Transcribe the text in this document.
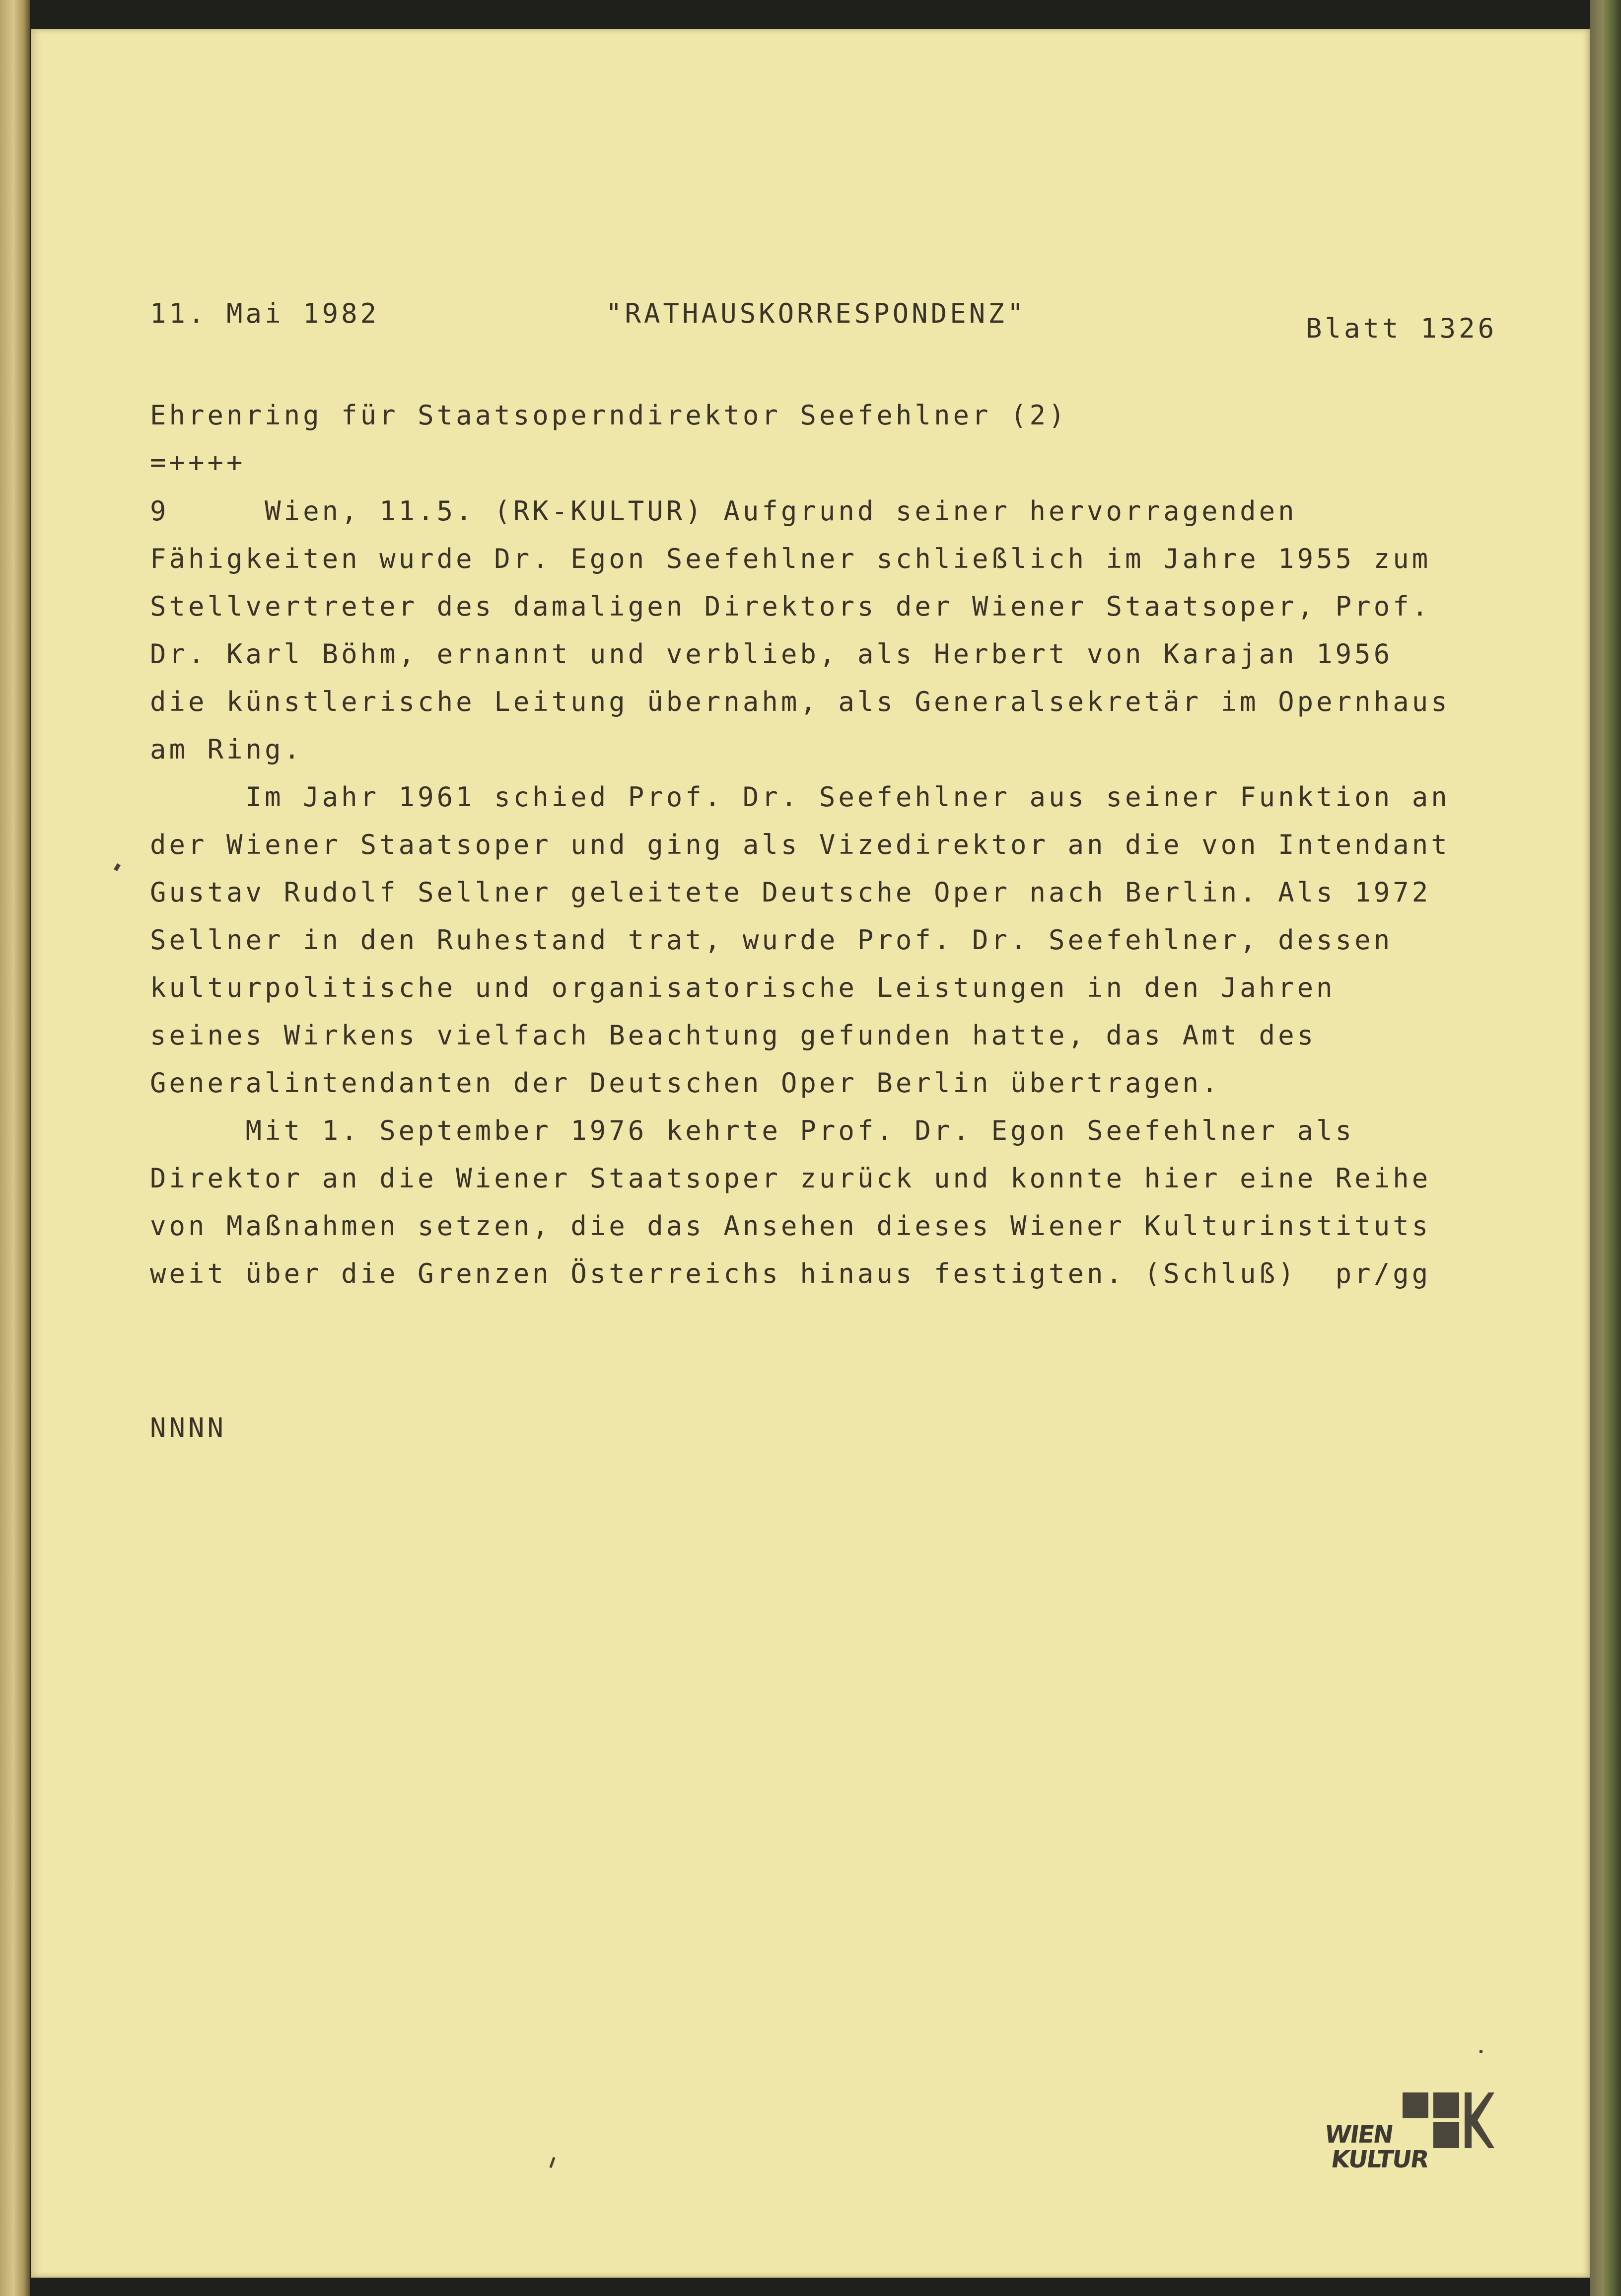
11. Mai 1982	"RATHAUSKORRESPONDENZ"	Blatt 1326
Ehrenring für Staatsoperndirektor Seefehlner (2)
=++++
9     Wien, 11.5. (RK-KULTUR) Aufgrund seiner hervorragenden
Fähigkeiten wurde Dr. Egon Seefehlner schließlich im Jahre 1955 zum
Stellvertreter des damaligen Direktors der Wiener Staatsoper, Prof.
Dr. Karl Böhm, ernannt und verblieb, als Herbert von Karajan 1956
die künstlerische Leitung übernahm, als Generalsekretär im Opernhaus
am Ring.
Im Jahr 1961 schied Prof. Dr. Seefehlner aus seiner Funktion an
der Wiener Staatsoper und ging als Vizedirektor an die von Intendant
Gustav Rudolf Sellner geleitete Deutsche Oper nach Berlin. Als 1972
Sellner in den Ruhestand trat, wurde Prof. Dr. Seefehlner, dessen
kulturpolitische und organisatorische Leistungen in den Jahren
seines Wirkens vielfach Beachtung gefunden hatte, das Amt des
Generalintendanten der Deutschen Oper Berlin übertragen.
Mit 1. September 1976 kehrte Prof. Dr. Egon Seefehlner als
Direktor an die Wiener Staatsoper zurück und konnte hier eine Reihe
von Maßnahmen setzen, die das Ansehen dieses Wiener Kulturinstituts
weit über die Grenzen Österreichs hinaus festigten. (Schluß)  pr/gg
NNNN
WIEN
KULTUR
